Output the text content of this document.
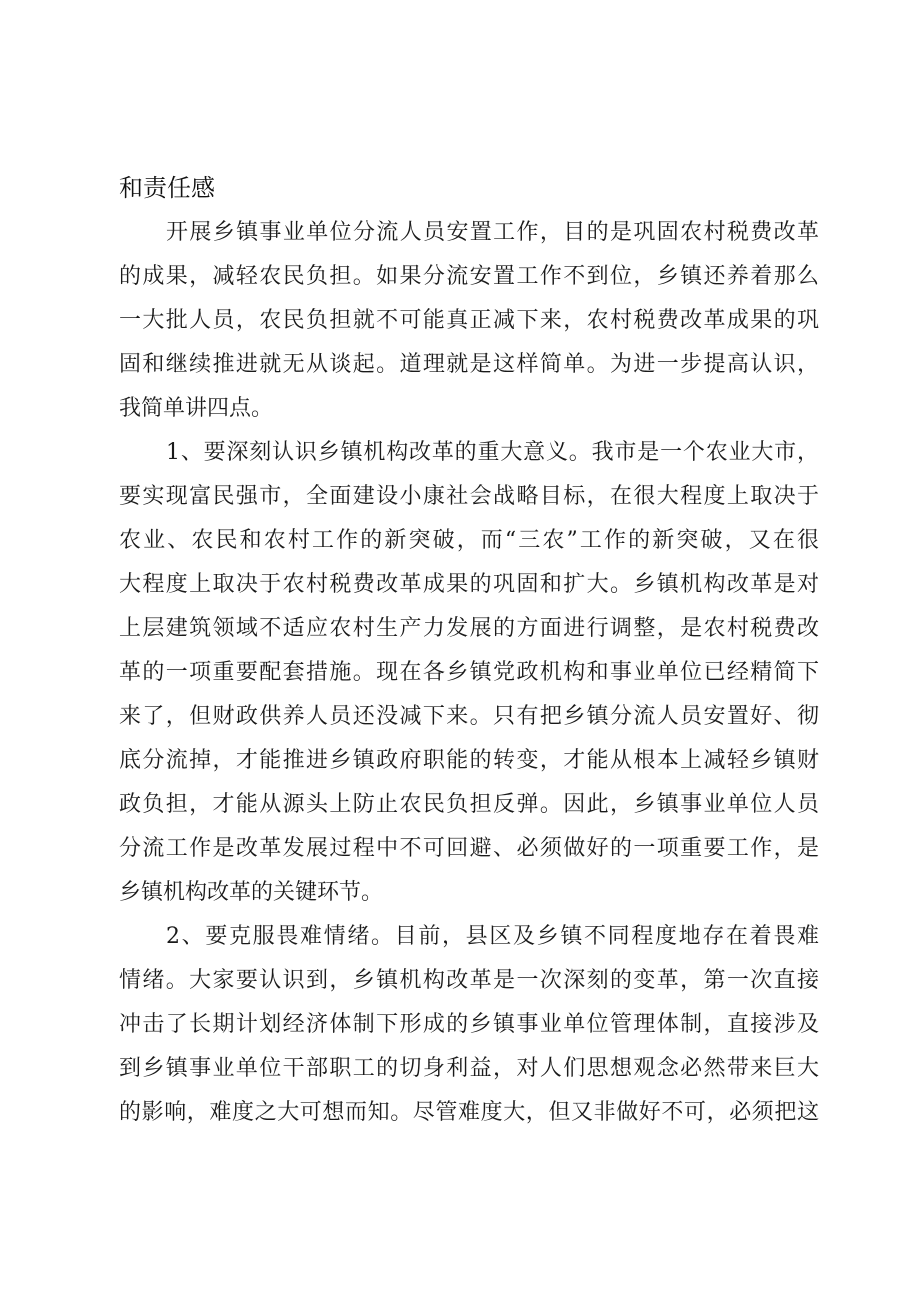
和责任感
开展乡镇事业单位分流人员安置工作，目的是巩固农村税费改革
的成果，减轻农民负担。如果分流安置工作不到位，乡镇还养着那么
一大批人员，农民负担就不可能真正减下来，农村税费改革成果的巩
固和继续推进就无从谈起。道理就是这样简单。为进一步提高认识，
我简单讲四点。
1、要深刻认识乡镇机构改革的重大意义。我市是一个农业大市，
要实现富民强市，全面建设小康社会战略目标，在很大程度上取决于
农业、农民和农村工作的新突破，而“三农”工作的新突破，又在很
大程度上取决于农村税费改革成果的巩固和扩大。乡镇机构改革是对
上层建筑领域不适应农村生产力发展的方面进行调整，是农村税费改
革的一项重要配套措施。现在各乡镇党政机构和事业单位已经精简下
来了，但财政供养人员还没减下来。只有把乡镇分流人员安置好、彻
底分流掉，才能推进乡镇政府职能的转变，才能从根本上减轻乡镇财
政负担，才能从源头上防止农民负担反弹。因此，乡镇事业单位人员
分流工作是改革发展过程中不可回避、必须做好的一项重要工作，是
乡镇机构改革的关键环节。
2、要克服畏难情绪。目前，县区及乡镇不同程度地存在着畏难
情绪。大家要认识到，乡镇机构改革是一次深刻的变革，第一次直接
冲击了长期计划经济体制下形成的乡镇事业单位管理体制，直接涉及
到乡镇事业单位干部职工的切身利益，对人们思想观念必然带来巨大
的影响，难度之大可想而知。尽管难度大，但又非做好不可，必须把这
